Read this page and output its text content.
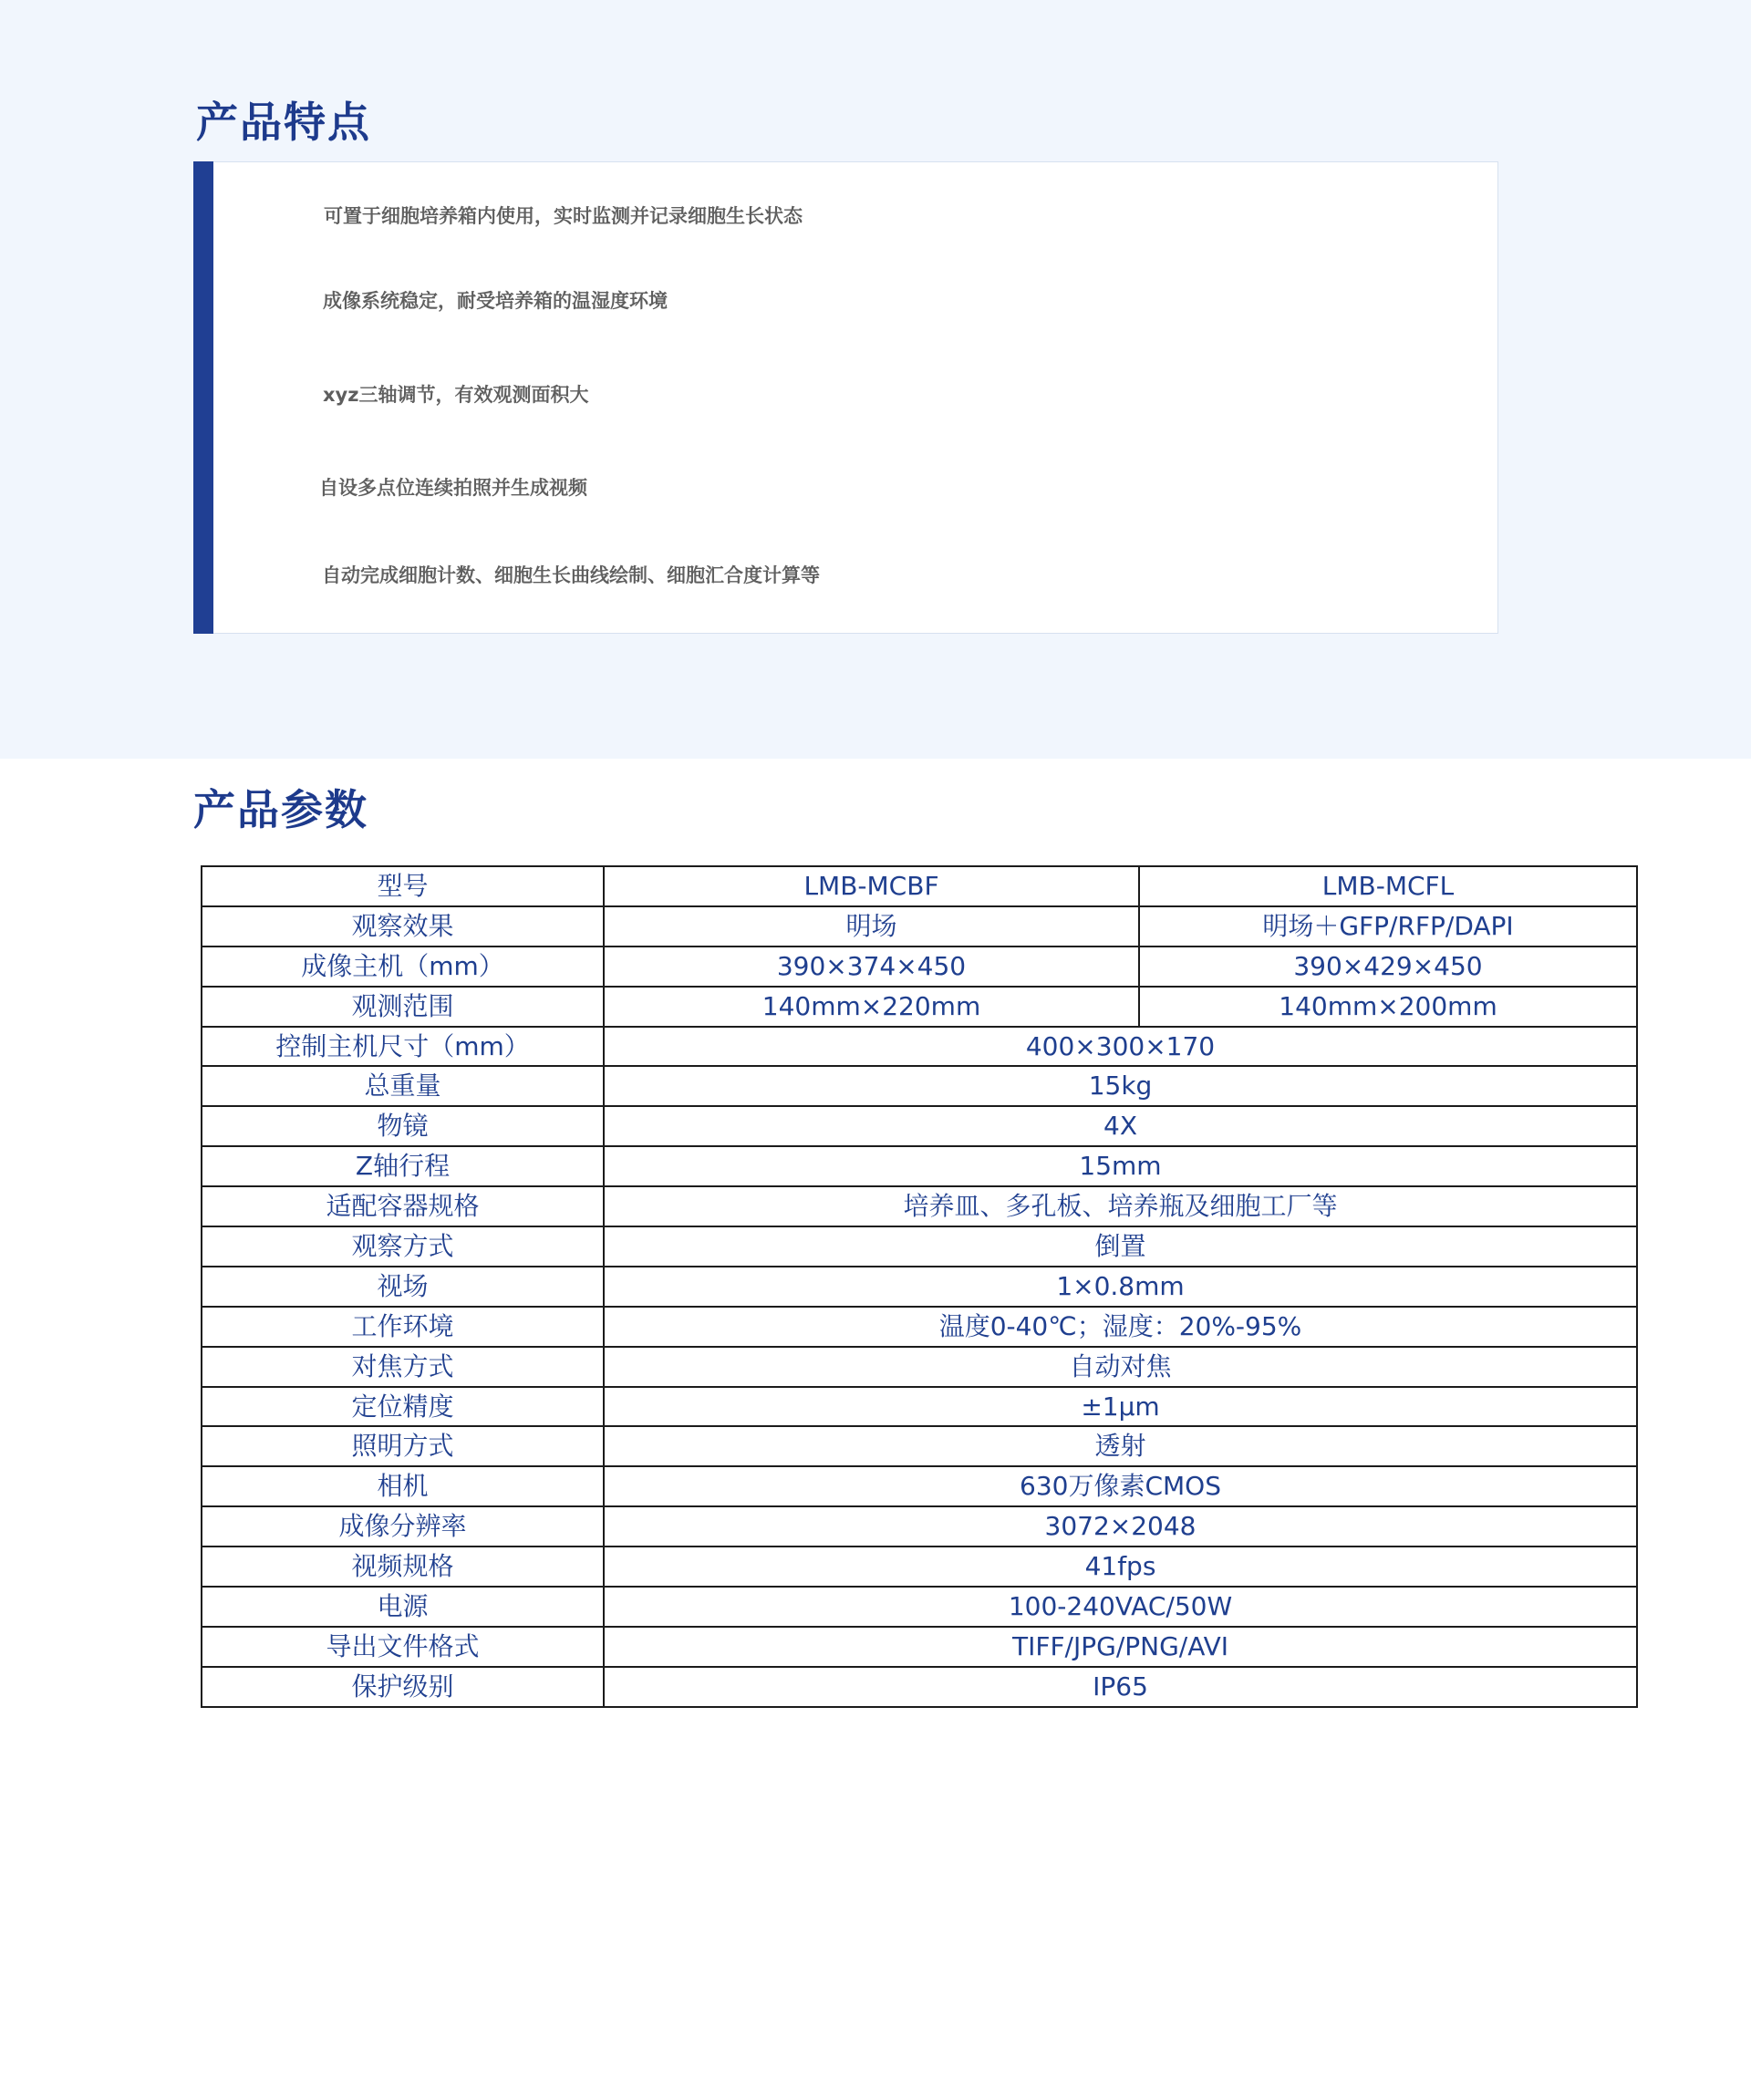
产品特点
可置于细胞培养箱内使用，实时监测并记录细胞生长状态
成像系统稳定，耐受培养箱的温湿度环境
xyz三轴调节，有效观测面积大
自设多点位连续拍照并生成视频
自动完成细胞计数、细胞生长曲线绘制、细胞汇合度计算等
产品参数
型号	LMB-MCBF	LMB-MCFL
观察效果	明场	明场＋GFP/RFP/DAPI
成像主机（mm）	390×374×450	390×429×450
观测范围	140mm×220mm	140mm×200mm
控制主机尺寸（mm）	400×300×170	
总重量	15kg	
物镜	4X	
Z轴行程	15mm	
适配容器规格	培养皿、多孔板、培养瓶及细胞工厂等	
观察方式	倒置	
视场	1×0.8mm	
工作环境	温度0-40℃；湿度：20%-95%	
对焦方式	自动对焦	
定位精度	±1μm	
照明方式	透射	
相机	630万像素CMOS	
成像分辨率	3072×2048	
视频规格	41fps	
电源	100-240VAC/50W	
导出文件格式	TIFF/JPG/PNG/AVI	
保护级别	IP65	
